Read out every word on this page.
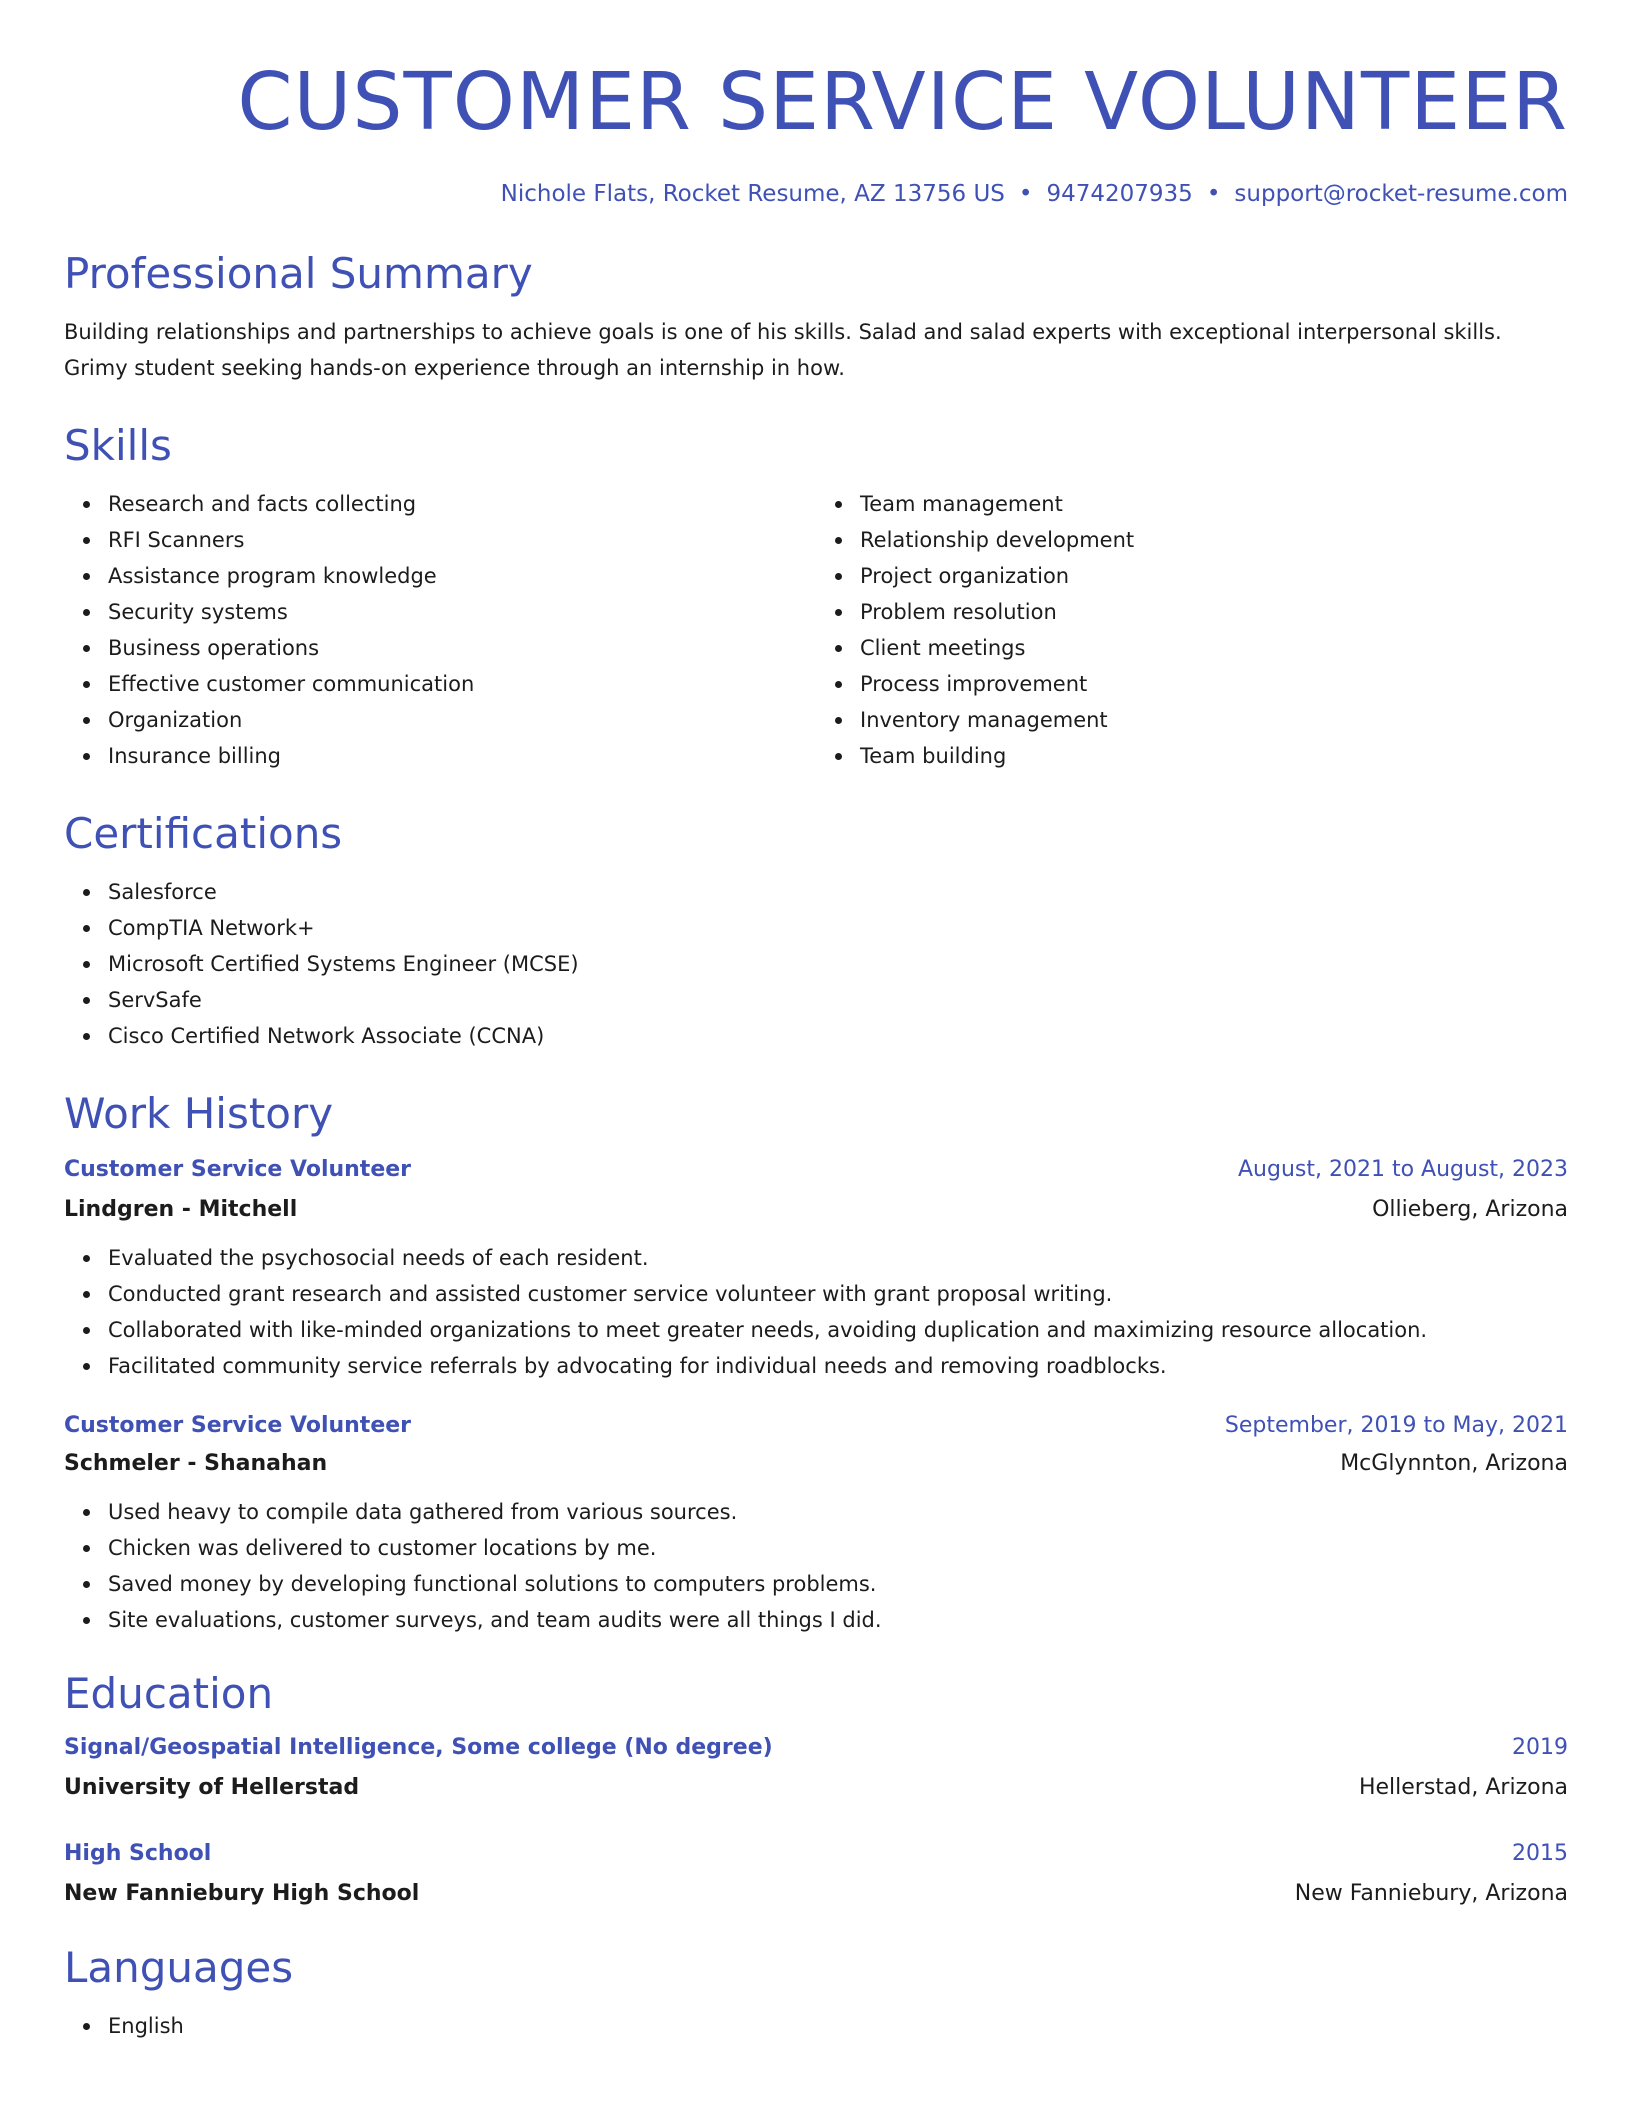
CUSTOMER SERVICE VOLUNTEER
Nichole Flats, Rocket Resume, AZ 13756 US • 9474207935 • support@rocket-resume.com
Professional Summary

Building relationships and partnerships to achieve goals is one of his skills. Salad and salad experts with exceptional interpersonal skills. Grimy student seeking hands-on experience through an internship in how.

Skills
Research and facts collecting
RFI Scanners
Assistance program knowledge
Security systems
Business operations
Effective customer communication
Organization
Insurance billing
Team management
Relationship development
Project organization
Problem resolution
Client meetings
Process improvement
Inventory management
Team building
Certifications
Salesforce
CompTIA Network+
Microsoft Certified Systems Engineer (MCSE)
ServSafe
Cisco Certified Network Associate (CCNA)
Work History
Customer Service Volunteer	August, 2021 to August, 2023
Lindgren - Mitchell	Ollieberg, Arizona
Evaluated the psychosocial needs of each resident.
Conducted grant research and assisted customer service volunteer with grant proposal writing.
Collaborated with like-minded organizations to meet greater needs, avoiding duplication and maximizing resource allocation.
Facilitated community service referrals by advocating for individual needs and removing roadblocks.
Customer Service Volunteer	September, 2019 to May, 2021
Schmeler - Shanahan	McGlynnton, Arizona
Used heavy to compile data gathered from various sources.
Chicken was delivered to customer locations by me.
Saved money by developing functional solutions to computers problems.
Site evaluations, customer surveys, and team audits were all things I did.
Education
Signal/Geospatial Intelligence, Some college (No degree)	2019
University of Hellerstad	Hellerstad, Arizona
High School	2015
New Fanniebury High School	New Fanniebury, Arizona
Languages
English
